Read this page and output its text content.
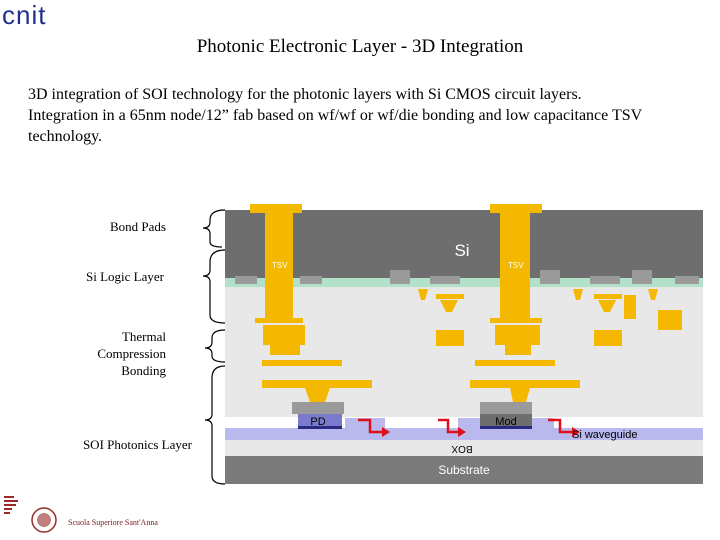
cnit
Photonic Electronic Layer - 3D Integration

3D integration of SOI technology for the photonic layers with Si CMOS circuit layers.

Integration in a 65nm node/12” fab based on wf/wf or wf/die bonding and low capacitance TSV technology.

Bond Pads
Si Logic Layer
Thermal Compression Bonding
SOI Photonics Layer
Si
TSV	TSV
PD	Mod
Si waveguide
BOX
Substrate
Scuola Superiore Sant'Anna
